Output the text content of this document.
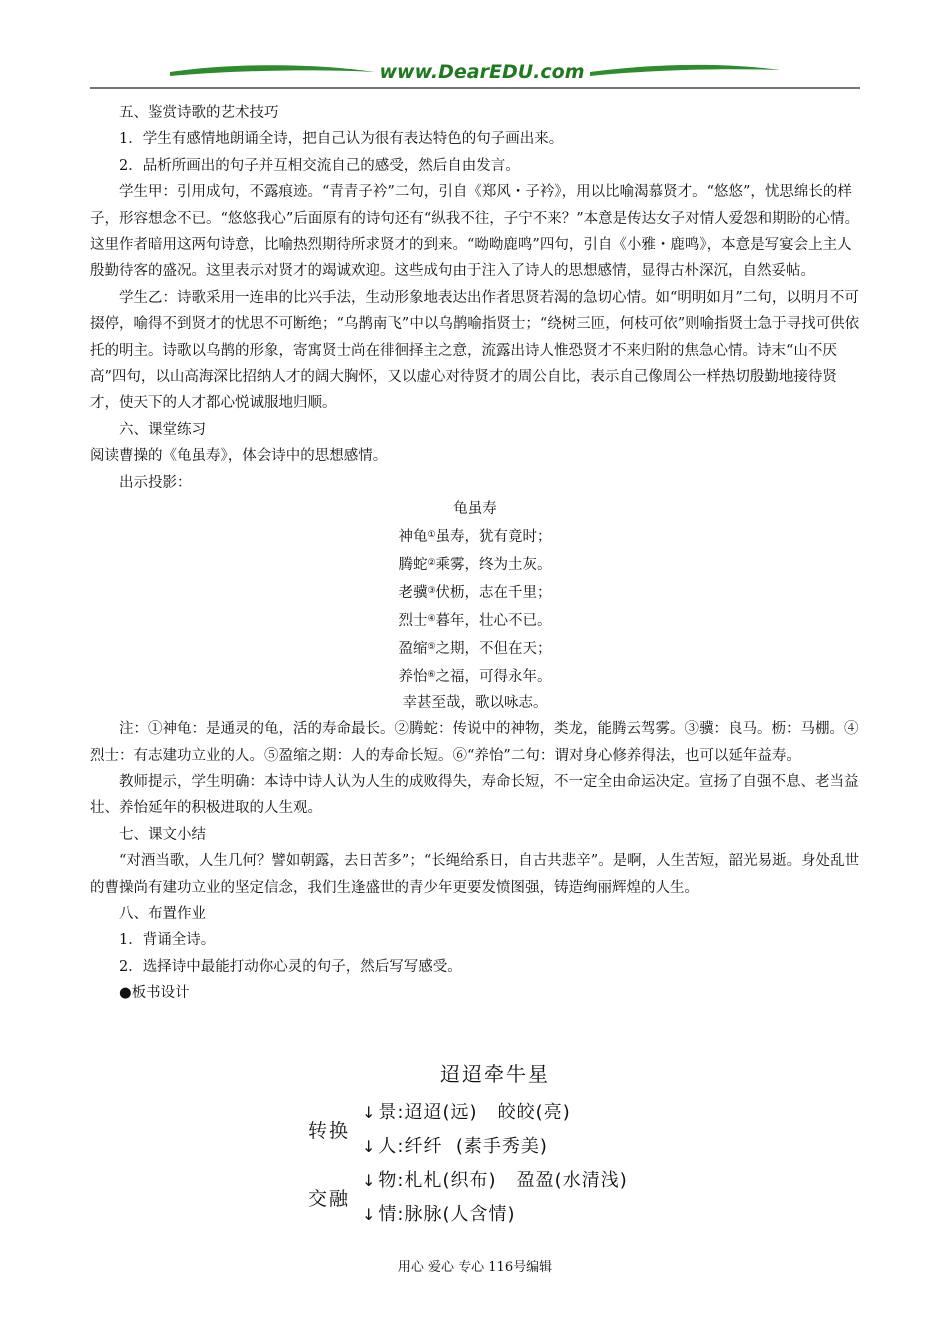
www.DearEDU.com

五、鉴赏诗歌的艺术技巧

1．学生有感情地朗诵全诗，把自己认为很有表达特色的句子画出来。

2．品析所画出的句子并互相交流自己的感受，然后自由发言。

学生甲：引用成句，不露痕迹。“青青子衿”二句，引自《郑风・子衿》，用以比喻渴慕贤才。“悠悠”，忧思绵长的样子，形容想念不已。“悠悠我心”后面原有的诗句还有“纵我不往，子宁不来？”本意是传达女子对情人爱怨和期盼的心情。这里作者暗用这两句诗意，比喻热烈期待所求贤才的到来。“呦呦鹿鸣”四句，引自《小雅・鹿鸣》，本意是写宴会上主人殷勤待客的盛况。这里表示对贤才的竭诚欢迎。这些成句由于注入了诗人的思想感情，显得古朴深沉，自然妥帖。

学生乙：诗歌采用一连串的比兴手法，生动形象地表达出作者思贤若渴的急切心情。如“明明如月”二句，以明月不可掇停，喻得不到贤才的忧思不可断绝；“乌鹊南飞”中以乌鹊喻指贤士；“绕树三匝，何枝可依”则喻指贤士急于寻找可供依托的明主。诗歌以乌鹊的形象，寄寓贤士尚在徘徊择主之意，流露出诗人惟恐贤才不来归附的焦急心情。诗末“山不厌高”四句，以山高海深比招纳人才的阔大胸怀，又以虚心对待贤才的周公自比，表示自己像周公一样热切殷勤地接待贤才，使天下的人才都心悦诚服地归顺。

六、课堂练习

阅读曹操的《龟虽寿》，体会诗中的思想感情。

出示投影：

龟虽寿

神龟①虽寿，犹有竟时；

腾蛇②乘雾，终为土灰。

老骥③伏枥，志在千里；

烈士④暮年，壮心不已。

盈缩⑤之期，不但在天；

养怡⑥之福，可得永年。

幸甚至哉，歌以咏志。

注：①神龟：是通灵的龟，活的寿命最长。②腾蛇：传说中的神物，类龙，能腾云驾雾。③骥：良马。枥：马棚。④烈士：有志建功立业的人。⑤盈缩之期：人的寿命长短。⑥“养怡”二句：谓对身心修养得法，也可以延年益寿。

教师提示，学生明确：本诗中诗人认为人生的成败得失，寿命长短，不一定全由命运决定。宣扬了自强不息、老当益壮、养怡延年的积极进取的人生观。

七、课文小结

“对酒当歌，人生几何？譬如朝露，去日苦多”；“长绳给系日，自古共悲辛”。是啊，人生苦短，韶光易逝。身处乱世的曹操尚有建功立业的坚定信念，我们生逢盛世的青少年更要发愤图强，铸造绚丽辉煌的人生。

八、布置作业

1．背诵全诗。

2．选择诗中最能打动你心灵的句子，然后写写感受。

●板书设计

迢迢牵牛星
转换
交融
↓ 景:迢迢(远)   皎皎(亮)
↓ 人:纤纤  (素手秀美)
↓ 物:札札(织布)   盈盈(水清浅)
↓ 情:脉脉(人含情)
用心 爱心 专心 116号编辑
